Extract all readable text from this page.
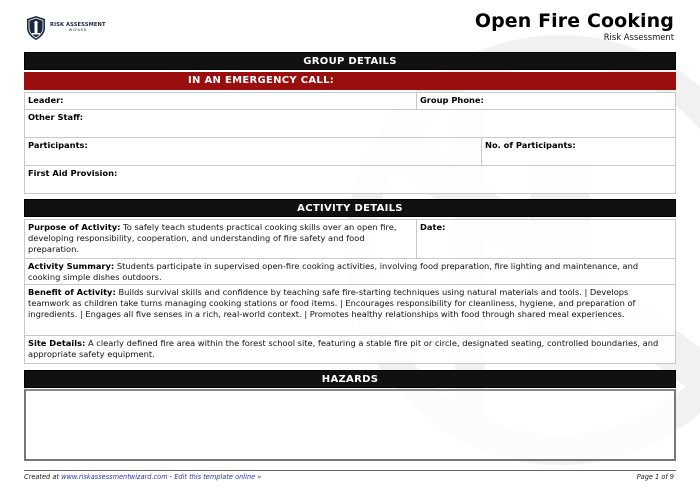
RISK ASSESSMENT
WIZARD	Open Fire Cooking
Risk Assessment
GROUP DETAILS
IN AN EMERGENCY CALL:
Leader:	Group Phone:
Other Staff:
Participants:	No. of Participants:
First Aid Provision:
ACTIVITY DETAILS
Purpose of Activity: To safely teach students practical cooking skills over an open fire, developing responsibility, cooperation, and understanding of fire safety and food preparation.
Date:
Activity Summary: Students participate in supervised open-fire cooking activities, involving food preparation, fire lighting and maintenance, and cooking simple dishes outdoors.
Benefit of Activity: Builds survival skills and confidence by teaching safe fire-starting techniques using natural materials and tools. | Develops teamwork as children take turns managing cooking stations or food items. | Encourages responsibility for cleanliness, hygiene, and preparation of ingredients. | Engages all five senses in a rich, real-world context. | Promotes healthy relationships with food through shared meal experiences.
Site Details: A clearly defined fire area within the forest school site, featuring a stable fire pit or circle, designated seating, controlled boundaries, and appropriate safety equipment.
HAZARDS
Created at www.riskassessmentwizard.com - Edit this template online »	Page 1 of 9
